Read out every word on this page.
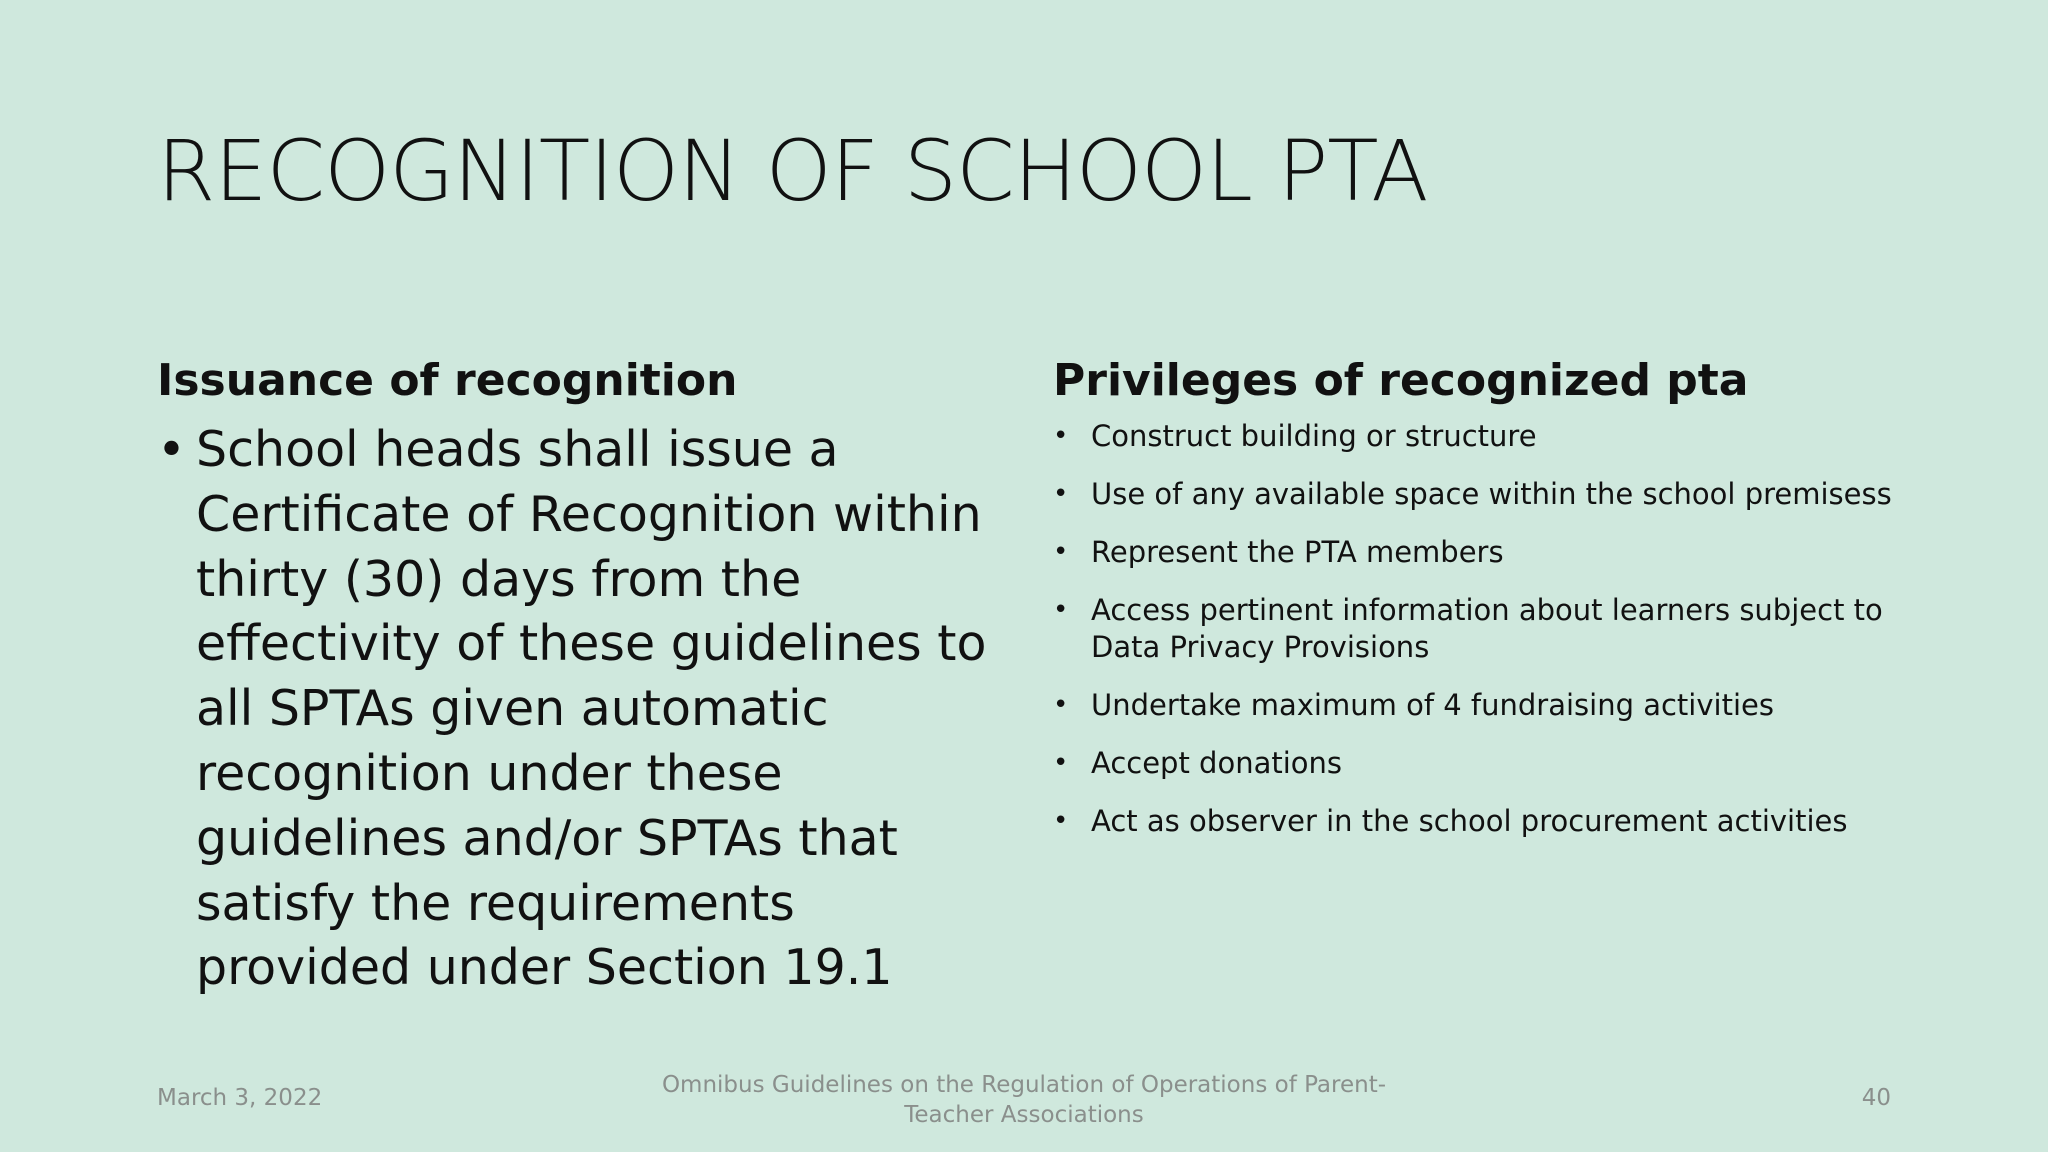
RECOGNITION OF SCHOOL PTA
Issuance of recognition
• School heads shall issue a Certificate of Recognition within thirty (30) days from the effectivity of these guidelines to all SPTAs given automatic recognition under these guidelines and/or SPTAs that satisfy the requirements provided under Section 19.1
Privileges of recognized pta
• Construct building or structure
• Use of any available space within the school premisess
• Represent the PTA members
• Access pertinent information about learners subject to Data Privacy Provisions
• Undertake maximum of 4 fundraising activities
• Accept donations
• Act as observer in the school procurement activities
March 3, 2022	Omnibus Guidelines on the Regulation of Operations of Parent-
Teacher Associations
40
